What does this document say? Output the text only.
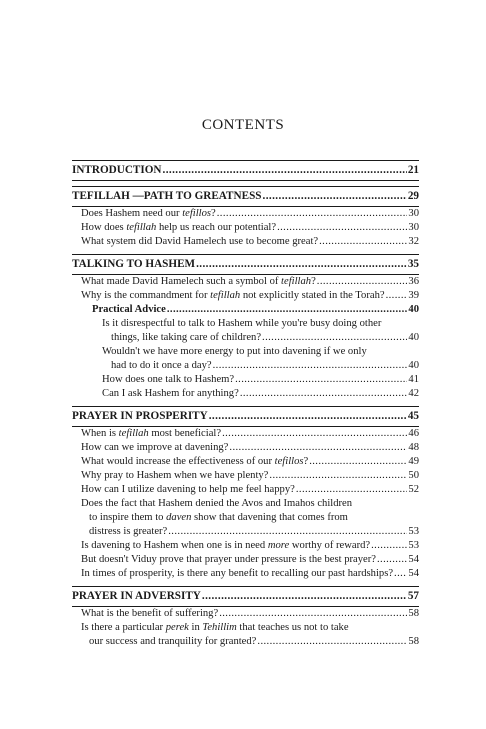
CONTENTS
INTRODUCTION .....	21
TEFILLAH —PATH TO GREATNESS .....	29
Does Hashem need our tefillos? .....	30
How does tefillah help us reach our potential? .....	30
What system did David Hamelech use to become great? .....	32
TALKING TO HASHEM .....	35
What made David Hamelech such a symbol of tefillah? .....	36
Why is the commandment for tefillah not explicitly stated in the Torah? ..... 39
Practical Advice .....	40
Is it disrespectful to talk to Hashem while you're busy doing other
things, like taking care of children? .....	40
Wouldn't we have more energy to put into davening if we only
had to do it once a day? .....	40
How does one talk to Hashem? .....	41
Can I ask Hashem for anything? .....	42
PRAYER IN PROSPERITY .....	45
When is tefillah most beneficial? .....	46
How can we improve at davening? .....	48
What would increase the effectiveness of our tefillos? .....	49
Why pray to Hashem when we have plenty? .....	50
How can I utilize davening to help me feel happy? .....	52
Does the fact that Hashem denied the Avos and Imahos children
to inspire them to daven show that davening that comes from
distress is greater? .....	53
Is davening to Hashem when one is in need more worthy of reward? .....	53
But doesn't Viduy prove that prayer under pressure is the best prayer? .....	54
In times of prosperity, is there any benefit to recalling our past hardships? ..... 54
PRAYER IN ADVERSITY .....	57
What is the benefit of suffering? .....	58
Is there a particular perek in Tehillim that teaches us not to take
our success and tranquility for granted? .....	58
